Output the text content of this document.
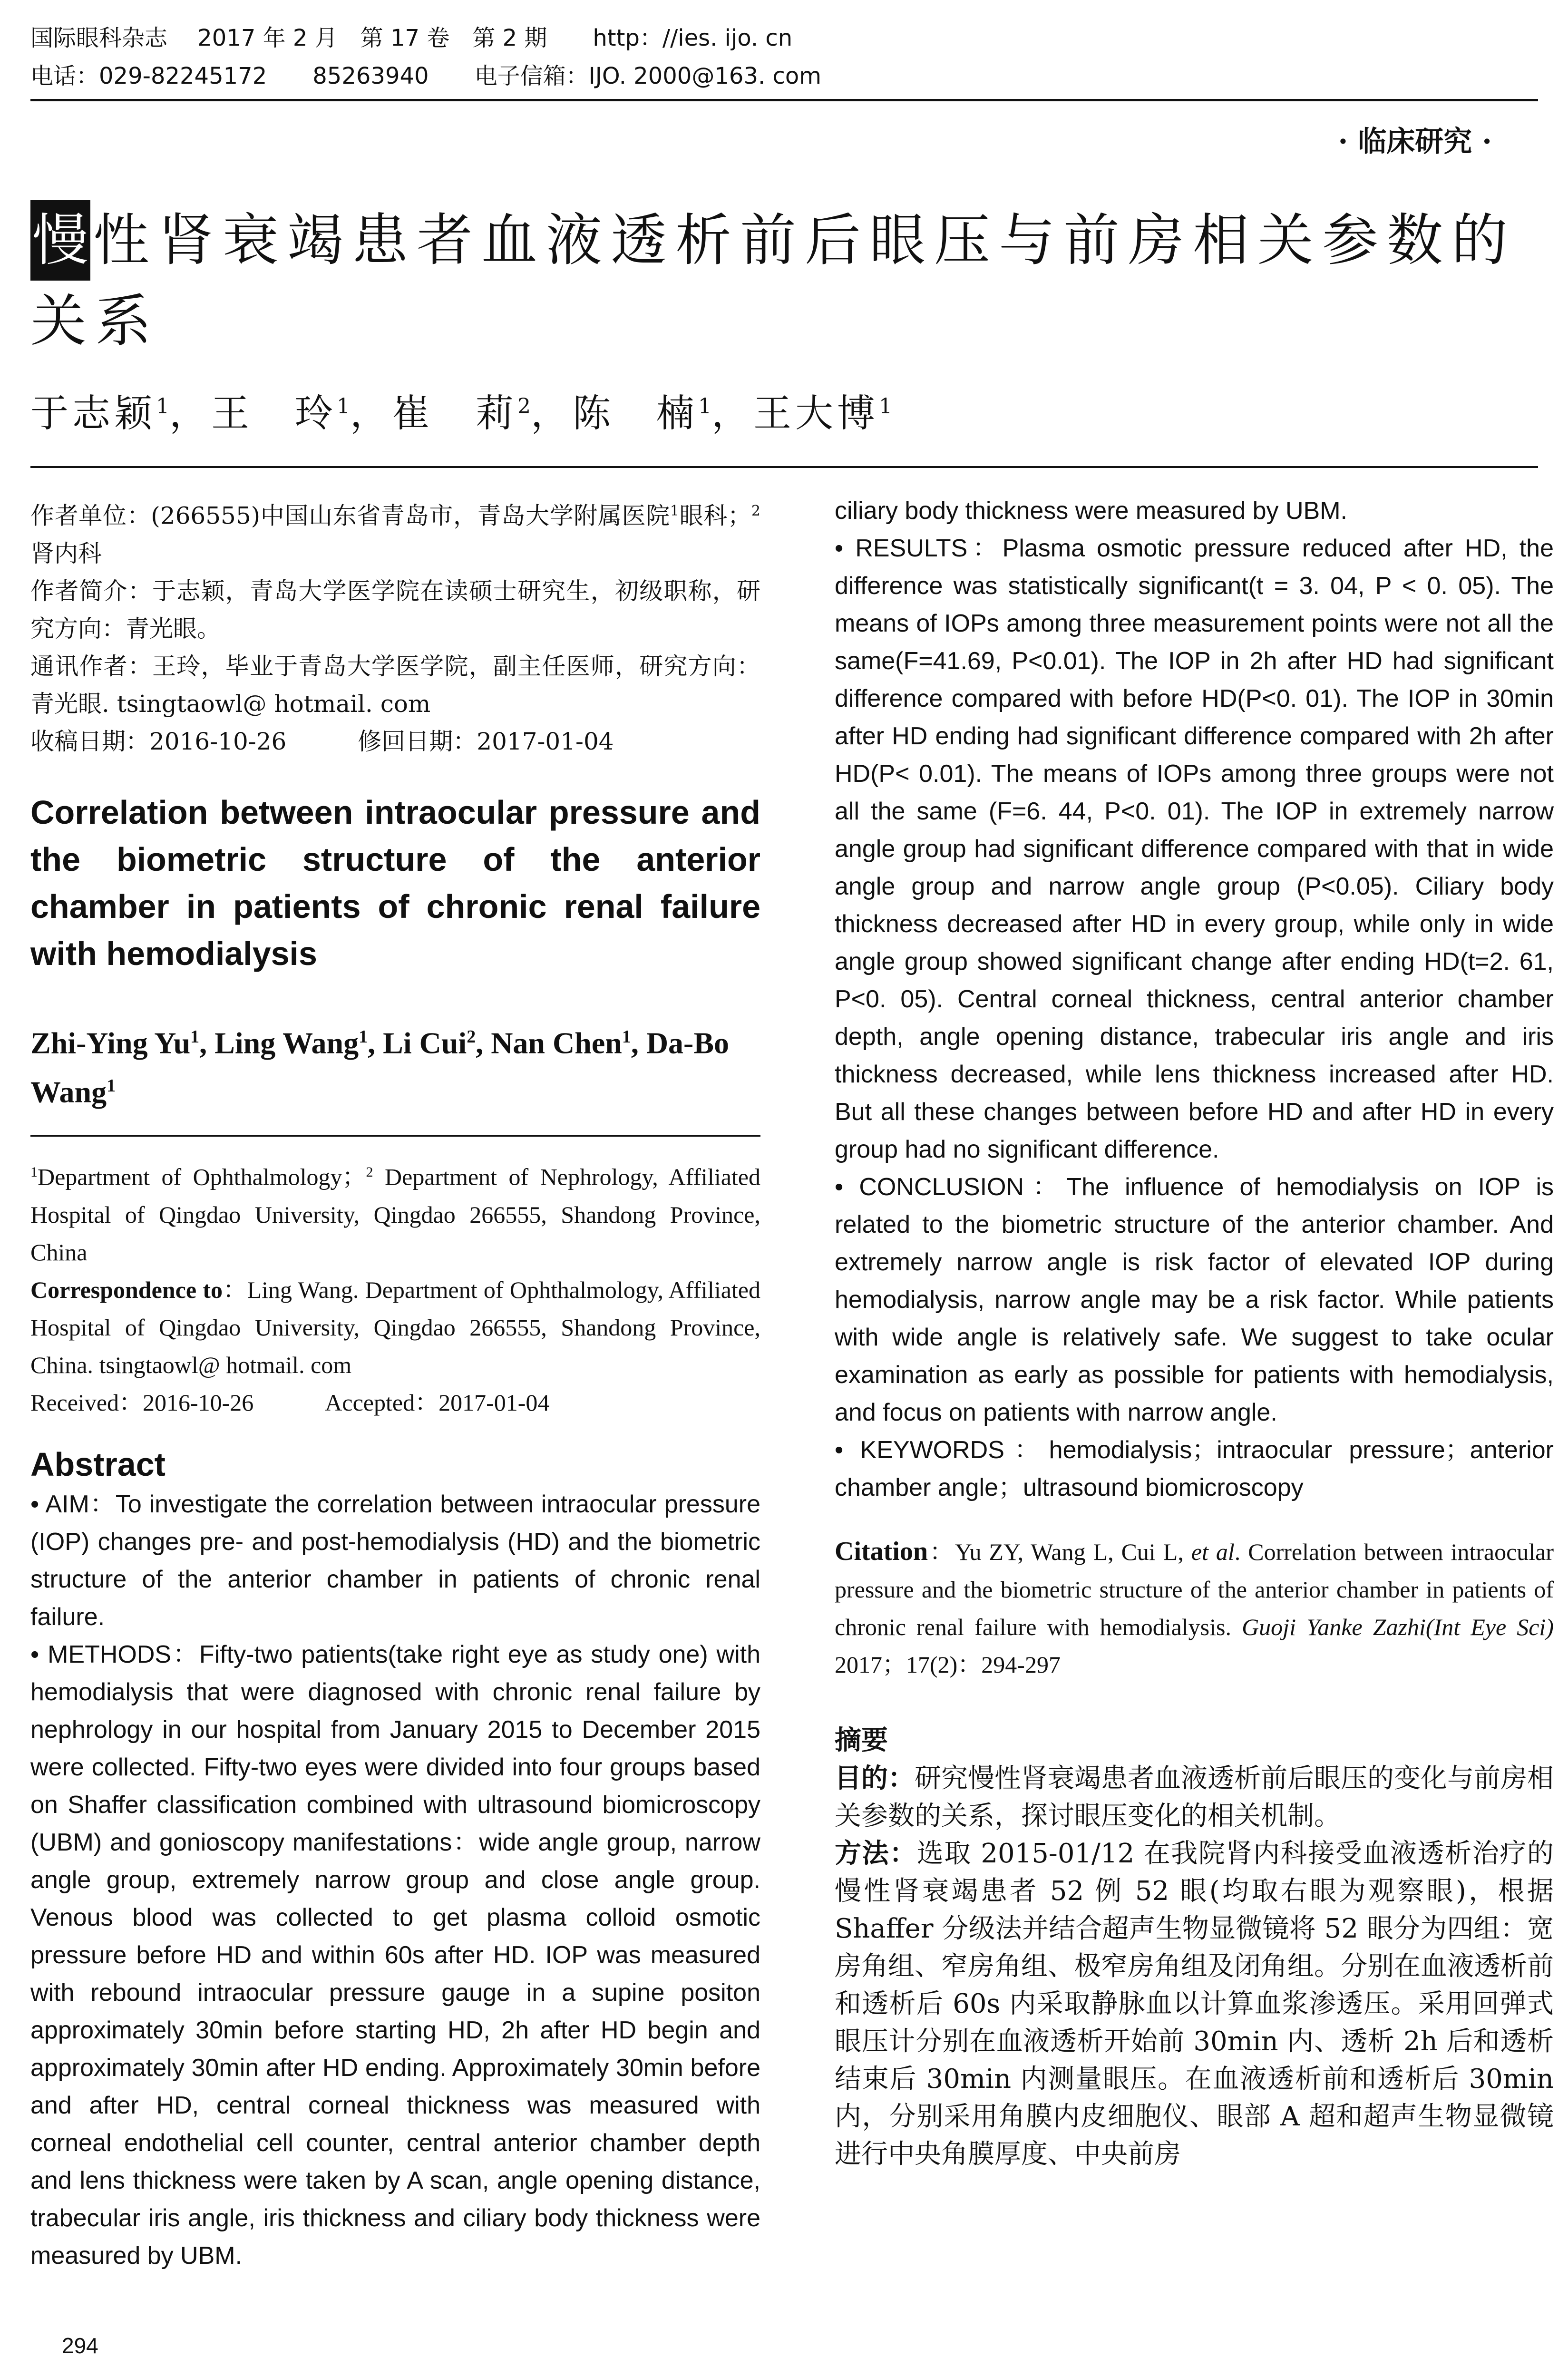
国际眼科杂志　 2017 年 2 月　第 17 卷　第 2 期　　http：//ies. ijo. cn
电话：029-82245172　　85263940　　电子信箱：IJO. 2000@163. com
· 临床研究 ·
慢性肾衰竭患者血液透析前后眼压与前房相关参数的关系
于志颖$^1$，王　玲$^1$，崔　莉$^2$，陈　楠$^1$，王大博$^1$

作者单位：(266555)中国山东省青岛市，青岛大学附属医院$^1$眼科；$^2$肾内科

作者简介：于志颖，青岛大学医学院在读硕士研究生，初级职称，研究方向：青光眼。

通讯作者：王玲，毕业于青岛大学医学院，副主任医师，研究方向：青光眼. tsingtaowl@ hotmail. com

收稿日期：2016-10-26　　　修回日期：2017-01-04

Correlation between intraocular pressure and the biometric structure of the anterior chamber in patients of chronic renal failure with hemodialysis
Zhi-Ying Yu$^1$, Ling Wang$^1$, Li Cui$^2$, Nan Chen$^1$, Da-Bo Wang$^1$

$^1$Department of Ophthalmology；$^2$ Department of Nephrology, Affiliated Hospital of Qingdao University, Qingdao 266555, Shandong Province, China

Correspondence to：Ling Wang. Department of Ophthalmology, Affiliated Hospital of Qingdao University, Qingdao 266555, Shandong Province, China. tsingtaowl@ hotmail. com

Received：2016-10-26　　　Accepted：2017-01-04

Abstract

• AIM：To investigate the correlation between intraocular pressure (IOP) changes pre- and post-hemodialysis (HD) and the biometric structure of the anterior chamber in patients of chronic renal failure.

• METHODS：Fifty-two patients(take right eye as study one) with hemodialysis that were diagnosed with chronic renal failure by nephrology in our hospital from January 2015 to December 2015 were collected. Fifty-two eyes were divided into four groups based on Shaffer classification combined with ultrasound biomicroscopy (UBM) and gonioscopy manifestations：wide angle group, narrow angle group, extremely narrow group and close angle group. Venous blood was collected to get plasma colloid osmotic pressure before HD and within 60s after HD. IOP was measured with rebound intraocular pressure gauge in a supine positon approximately 30min before starting HD, 2h after HD begin and approximately 30min after HD ending. Approximately 30min before and after HD, central corneal thickness was measured with corneal endothelial cell counter, central anterior chamber depth and lens thickness were taken by A scan, angle opening distance, trabecular iris angle, iris thickness and ciliary body thickness were measured by UBM.

ciliary body thickness were measured by UBM.

• RESULTS：Plasma osmotic pressure reduced after HD, the difference was statistically significant(t = 3. 04, P < 0. 05). The means of IOPs among three measurement points were not all the same(F=41.69, P<0.01). The IOP in 2h after HD had significant difference compared with before HD(P<0. 01). The IOP in 30min after HD ending had significant difference compared with 2h after HD(P< 0.01). The means of IOPs among three groups were not all the same (F=6. 44, P<0. 01). The IOP in extremely narrow angle group had significant difference compared with that in wide angle group and narrow angle group (P<0.05). Ciliary body thickness decreased after HD in every group, while only in wide angle group showed significant change after ending HD(t=2. 61, P<0. 05). Central corneal thickness, central anterior chamber depth, angle opening distance, trabecular iris angle and iris thickness decreased, while lens thickness increased after HD. But all these changes between before HD and after HD in every group had no significant difference.

• CONCLUSION：The influence of hemodialysis on IOP is related to the biometric structure of the anterior chamber. And extremely narrow angle is risk factor of elevated IOP during hemodialysis, narrow angle may be a risk factor. While patients with wide angle is relatively safe. We suggest to take ocular examination as early as possible for patients with hemodialysis, and focus on patients with narrow angle.

• KEYWORDS：hemodialysis；intraocular pressure；anterior chamber angle；ultrasound biomicroscopy

Citation：Yu ZY, Wang L, Cui L, et al. Correlation between intraocular pressure and the biometric structure of the anterior chamber in patients of chronic renal failure with hemodialysis. Guoji Yanke Zazhi(Int Eye Sci) 2017；17(2)：294-297
摘要

目的：研究慢性肾衰竭患者血液透析前后眼压的变化与前房相关参数的关系，探讨眼压变化的相关机制。

方法：选取 2015-01/12 在我院肾内科接受血液透析治疗的慢性肾衰竭患者 52 例 52 眼(均取右眼为观察眼)，根据 Shaffer 分级法并结合超声生物显微镜将 52 眼分为四组：宽房角组、窄房角组、极窄房角组及闭角组。分别在血液透析前和透析后 60s 内采取静脉血以计算血浆渗透压。采用回弹式眼压计分别在血液透析开始前 30min 内、透析 2h 后和透析结束后 30min 内测量眼压。在血液透析前和透析后 30min 内，分别采用角膜内皮细胞仪、眼部 A 超和超声生物显微镜进行中央角膜厚度、中央前房

294
